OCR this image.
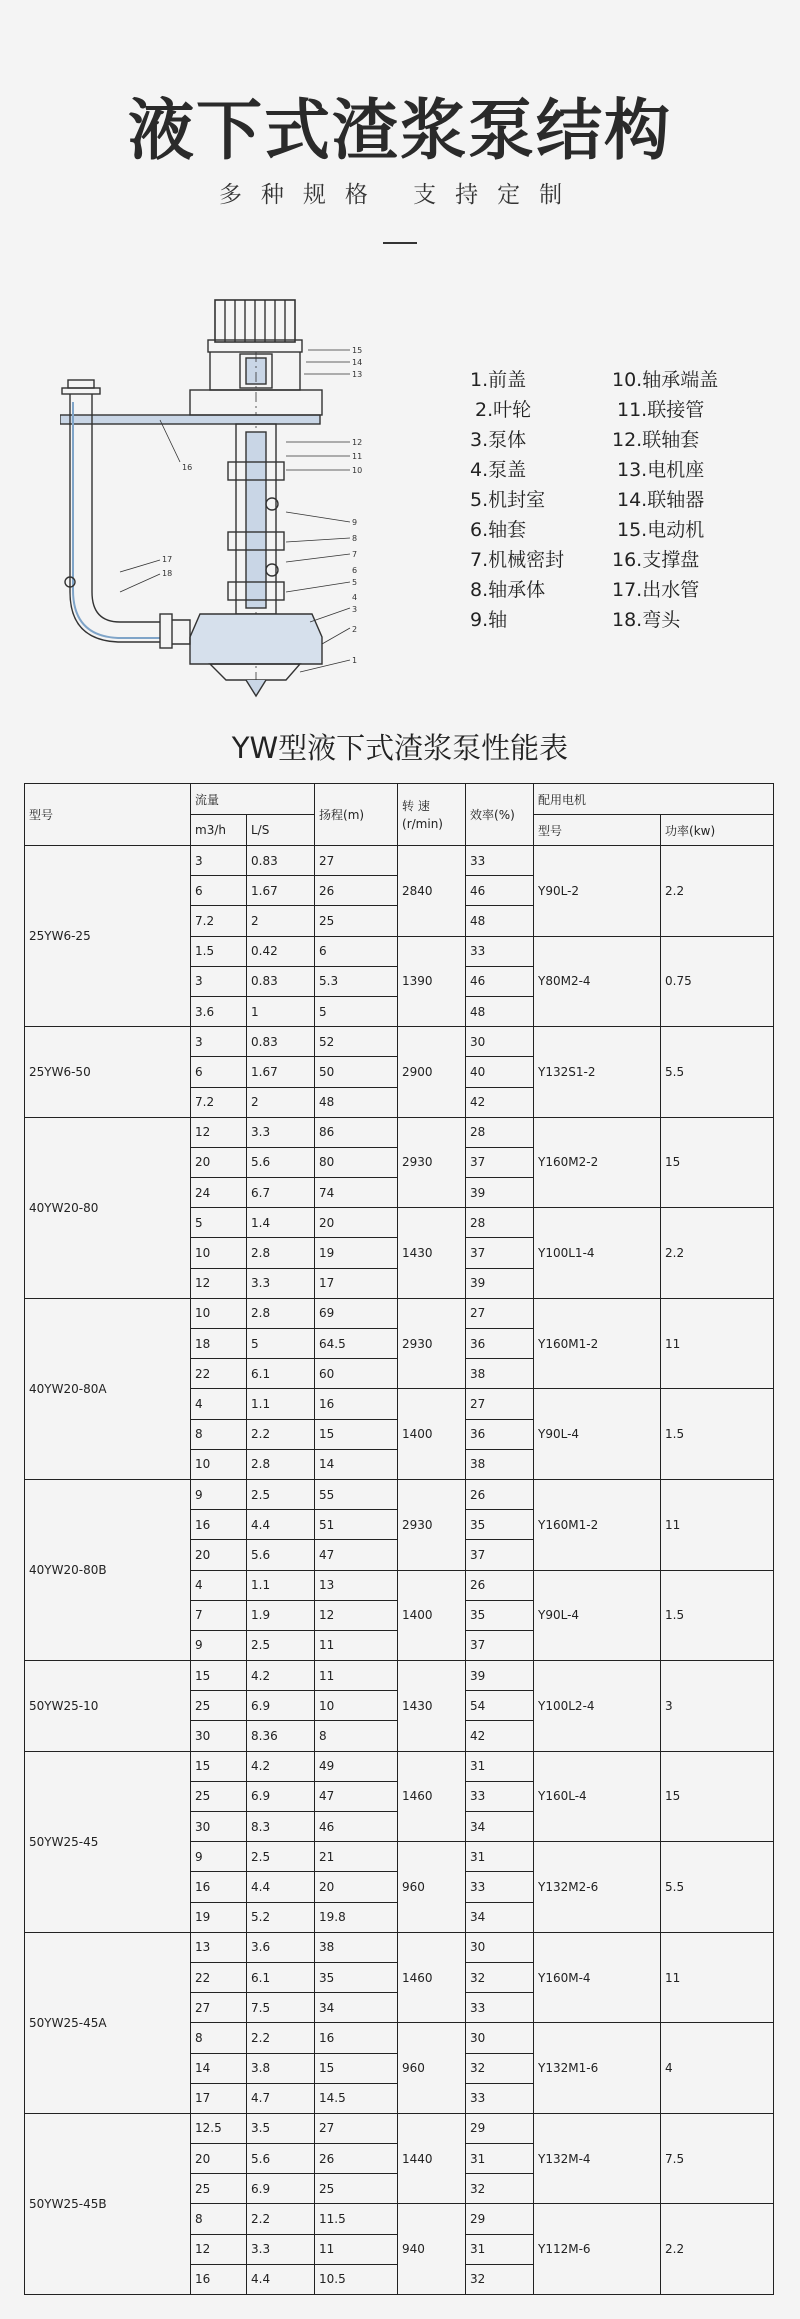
液下式渣浆泵结构
多种规格 支持定制
15
14
13
16
12
11
10
9
8
7
6
5
4
3
2
1
17
18
1.前盖
2.叶轮
3.泵体
4.泵盖
5.机封室
6.轴套
7.机械密封
8.轴承体
9.轴
10.轴承端盖
11.联接管
12.联轴套
13.电机座
14.联轴器
15.电动机
16.支撑盘
17.出水管
18.弯头
YW型液下式渣浆泵性能表
型号	流量		扬程(m)	转 速 (r/min)	效率(%)	配用电机	
	m3/h	L/S				型号	功率(kw)
25YW6-25	3	0.83	27	2840	33	Y90L-2	2.2
	6	1.67	26		46		
	7.2	2	25		48		
	1.5	0.42	6	1390	33	Y80M2-4	0.75
	3	0.83	5.3		46		
	3.6	1	5		48		
25YW6-50	3	0.83	52	2900	30	Y132S1-2	5.5
	6	1.67	50		40		
	7.2	2	48		42		
40YW20-80	12	3.3	86	2930	28	Y160M2-2	15
	20	5.6	80		37		
	24	6.7	74		39		
	5	1.4	20	1430	28	Y100L1-4	2.2
	10	2.8	19		37		
	12	3.3	17		39		
40YW20-80A	10	2.8	69	2930	27	Y160M1-2	11
	18	5	64.5		36		
	22	6.1	60		38		
	4	1.1	16	1400	27	Y90L-4	1.5
	8	2.2	15		36		
	10	2.8	14		38		
40YW20-80B	9	2.5	55	2930	26	Y160M1-2	11
	16	4.4	51		35		
	20	5.6	47		37		
	4	1.1	13	1400	26	Y90L-4	1.5
	7	1.9	12		35		
	9	2.5	11		37		
50YW25-10	15	4.2	11	1430	39	Y100L2-4	3
	25	6.9	10		54		
	30	8.36	8		42		
50YW25-45	15	4.2	49	1460	31	Y160L-4	15
	25	6.9	47		33		
	30	8.3	46		34		
	9	2.5	21	960	31	Y132M2-6	5.5
	16	4.4	20		33		
	19	5.2	19.8		34		
50YW25-45A	13	3.6	38	1460	30	Y160M-4	11
	22	6.1	35		32		
	27	7.5	34		33		
	8	2.2	16	960	30	Y132M1-6	4
	14	3.8	15		32		
	17	4.7	14.5		33		
50YW25-45B	12.5	3.5	27	1440	29	Y132M-4	7.5
	20	5.6	26		31		
	25	6.9	25		32		
	8	2.2	11.5	940	29	Y112M-6	2.2
	12	3.3	11		31		
	16	4.4	10.5		32		
